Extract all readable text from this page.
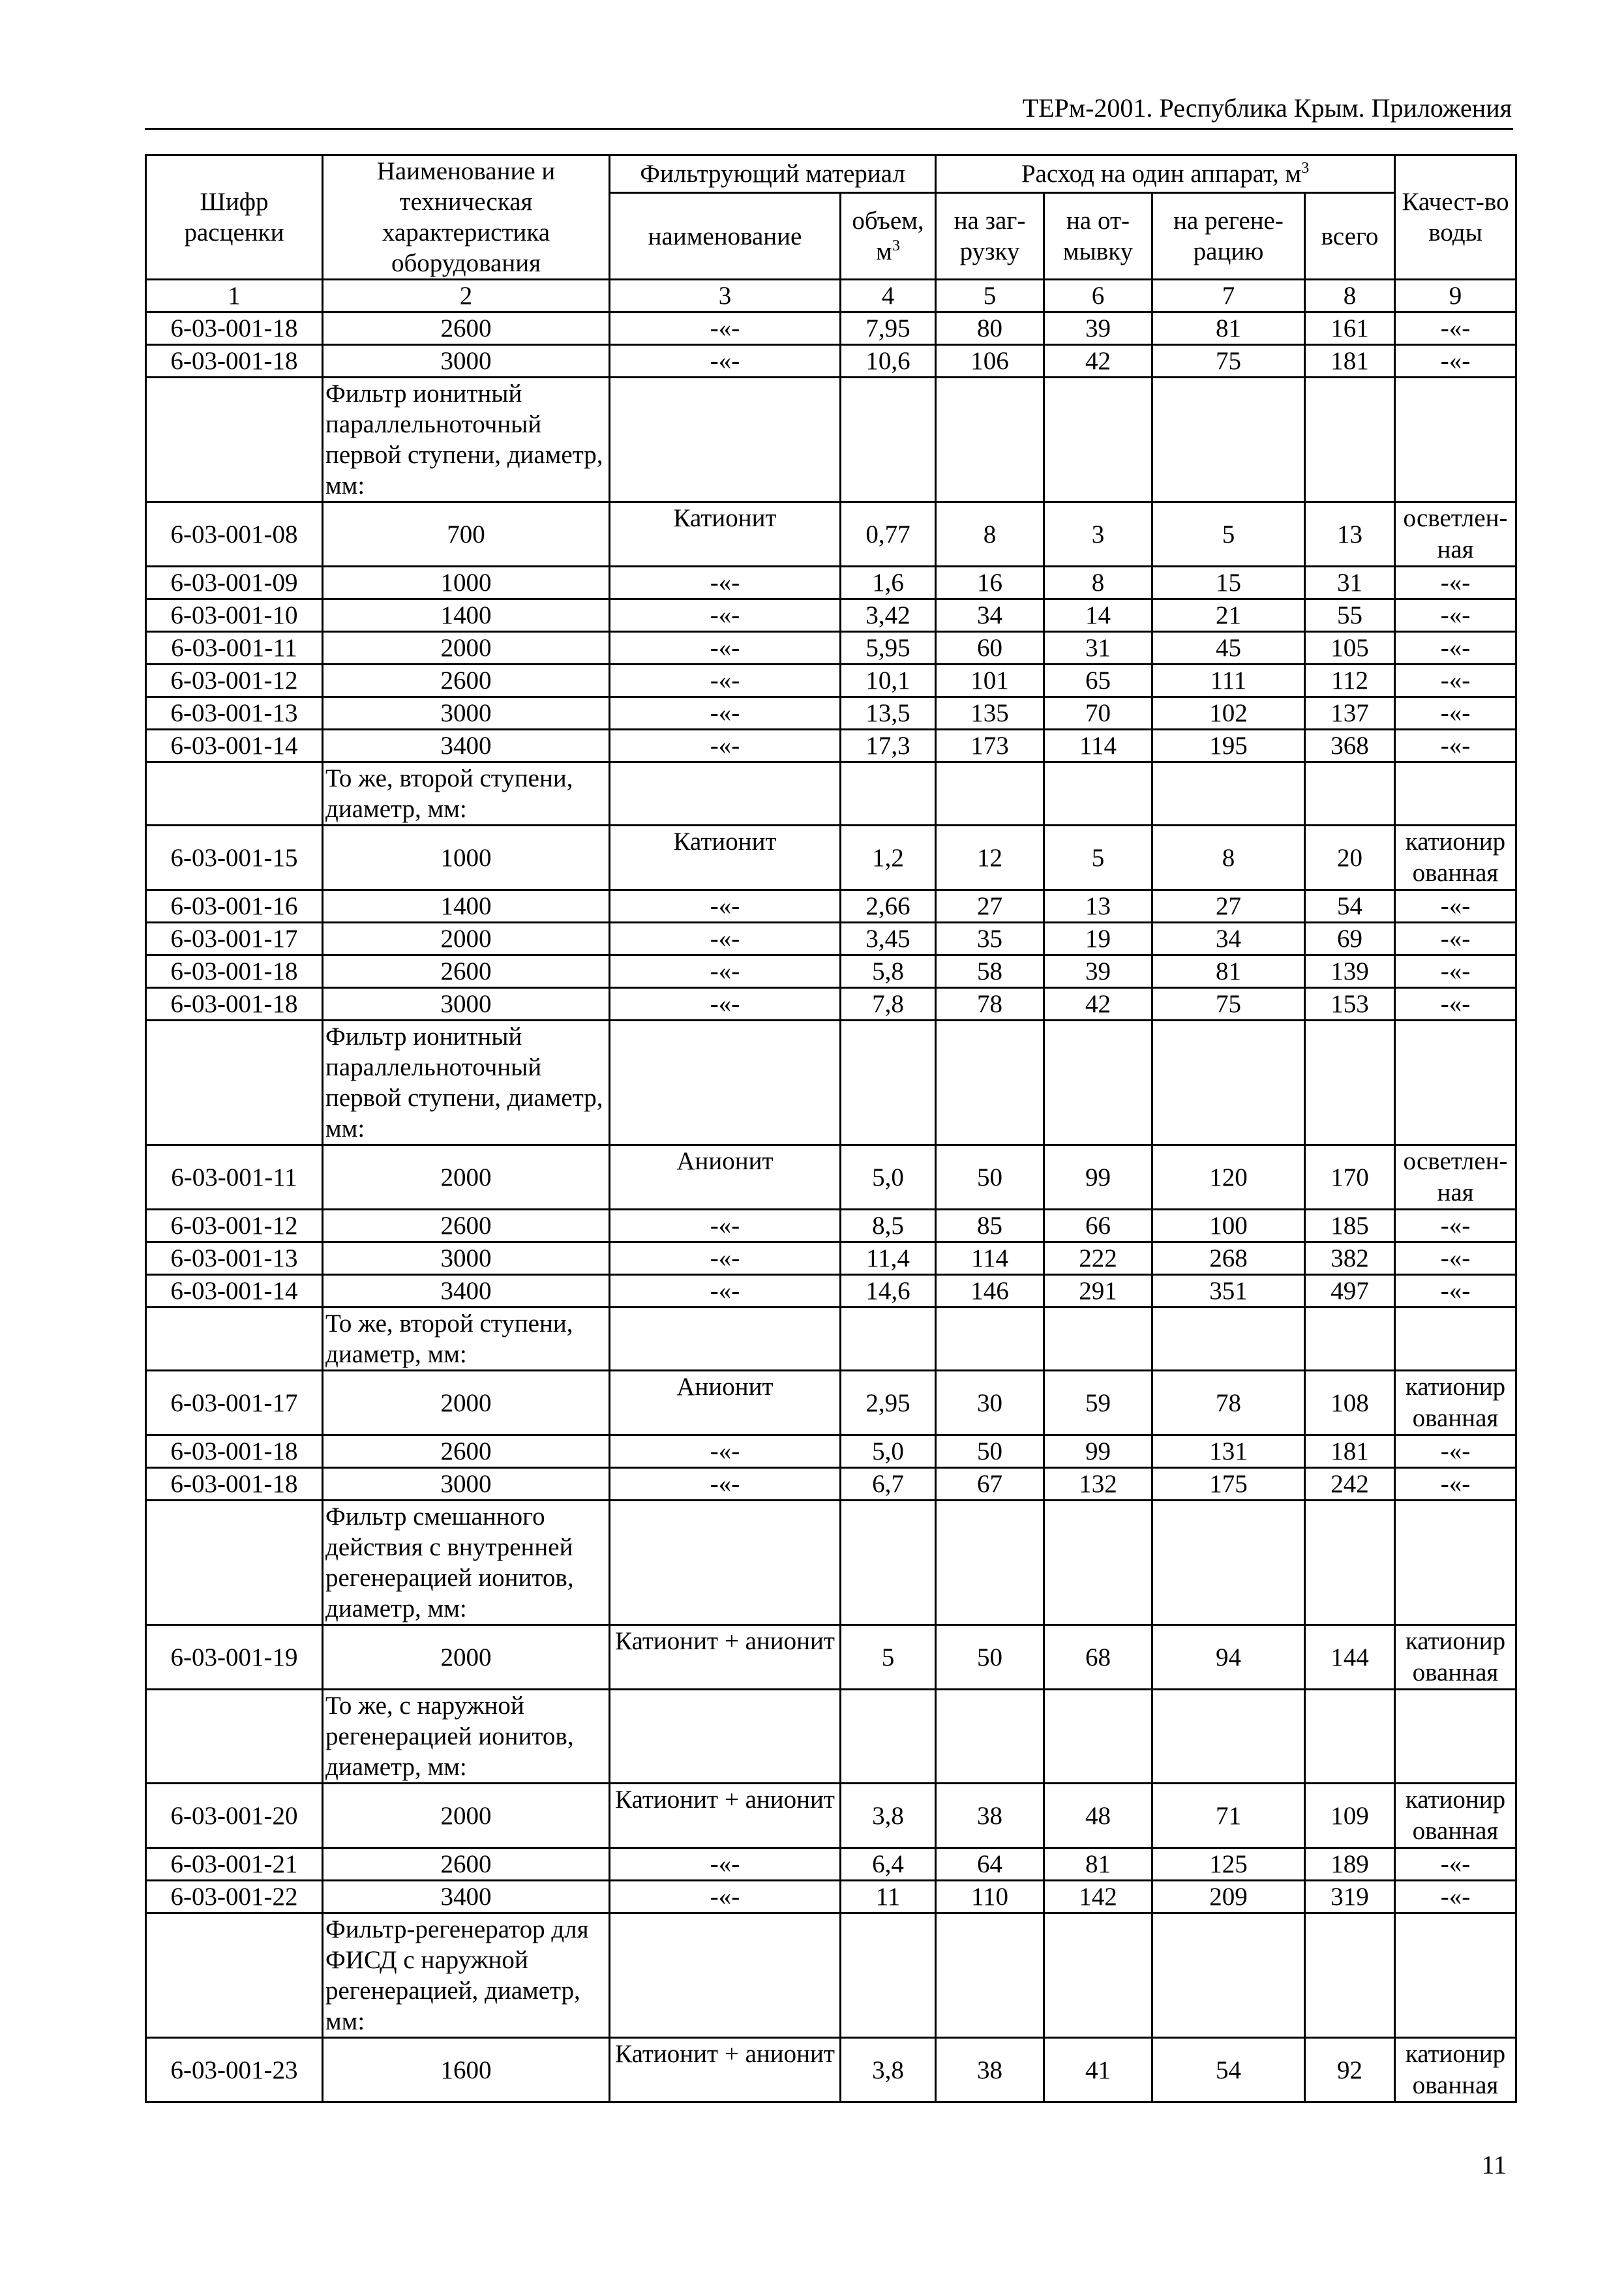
ТЕРм-2001. Республика Крым. Приложения
Шифр расценки	Наименование и техническая характеристика оборудования	Фильтрующий материал		Расход на один аппарат, $м^3$				Качест-во воды
		наименование	объем, $м^3$	на заг-рузку	на от-мывку	на регене-рацию	всего	
1	2	3	4	5	6	7	8	9
6-03-001-18	2600	-«-	7,95	80	39	81	161	-«-
6-03-001-18	3000	-«-	10,6	106	42	75	181	-«-
	Фильтр ионитный параллельноточный первой ступени, диаметр, мм:							
6-03-001-08	700	Катионит	0,77	8	3	5	13	осветлен-ная
6-03-001-09	1000	-«-	1,6	16	8	15	31	-«-
6-03-001-10	1400	-«-	3,42	34	14	21	55	-«-
6-03-001-11	2000	-«-	5,95	60	31	45	105	-«-
6-03-001-12	2600	-«-	10,1	101	65	111	112	-«-
6-03-001-13	3000	-«-	13,5	135	70	102	137	-«-
6-03-001-14	3400	-«-	17,3	173	114	195	368	-«-
	То же, второй ступени, диаметр, мм:							
6-03-001-15	1000	Катионит	1,2	12	5	8	20	катионир ованная
6-03-001-16	1400	-«-	2,66	27	13	27	54	-«-
6-03-001-17	2000	-«-	3,45	35	19	34	69	-«-
6-03-001-18	2600	-«-	5,8	58	39	81	139	-«-
6-03-001-18	3000	-«-	7,8	78	42	75	153	-«-
	Фильтр ионитный параллельноточный первой ступени, диаметр, мм:							
6-03-001-11	2000	Анионит	5,0	50	99	120	170	осветлен-ная
6-03-001-12	2600	-«-	8,5	85	66	100	185	-«-
6-03-001-13	3000	-«-	11,4	114	222	268	382	-«-
6-03-001-14	3400	-«-	14,6	146	291	351	497	-«-
	То же, второй ступени, диаметр, мм:							
6-03-001-17	2000	Анионит	2,95	30	59	78	108	катионир ованная
6-03-001-18	2600	-«-	5,0	50	99	131	181	-«-
6-03-001-18	3000	-«-	6,7	67	132	175	242	-«-
	Фильтр смешанного действия с внутренней регенерацией ионитов, диаметр, мм:							
6-03-001-19	2000	Катионит + анионит	5	50	68	94	144	катионир ованная
	То же, с наружной регенерацией ионитов, диаметр, мм:							
6-03-001-20	2000	Катионит + анионит	3,8	38	48	71	109	катионир ованная
6-03-001-21	2600	-«-	6,4	64	81	125	189	-«-
6-03-001-22	3400	-«-	11	110	142	209	319	-«-
	Фильтр-регенератор для ФИСД с наружной регенерацией, диаметр, мм:							
6-03-001-23	1600	Катионит + анионит	3,8	38	41	54	92	катионир ованная
11
